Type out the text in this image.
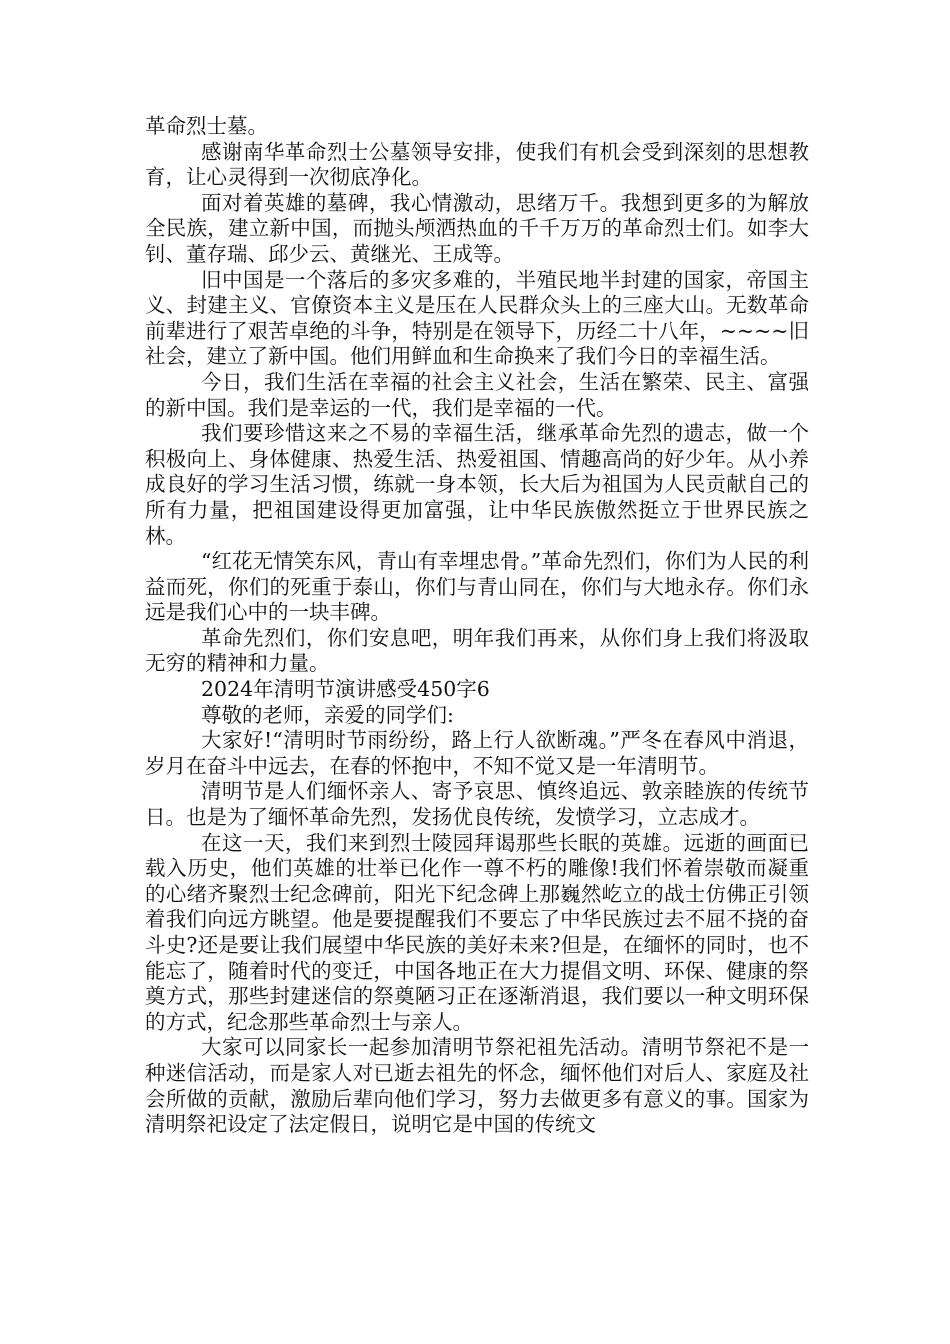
革命烈士墓。

感谢南华革命烈士公墓领导安排，使我们有机会受到深刻的思想教育，让心灵得到一次彻底净化。

面对着英雄的墓碑，我心情激动，思绪万千。我想到更多的为解放全民族，建立新中国，而抛头颅洒热血的千千万万的革命烈士们。如李大钊、董存瑞、邱少云、黄继光、王成等。

旧中国是一个落后的多灾多难的，半殖民地半封建的国家，帝国主义、封建主义、官僚资本主义是压在人民群众头上的三座大山。无数革命前辈进行了艰苦卓绝的斗争，特别是在领导下，历经二十八年，~~~~旧社会，建立了新中国。他们用鲜血和生命换来了我们今日的幸福生活。

今日，我们生活在幸福的社会主义社会，生活在繁荣、民主、富强的新中国。我们是幸运的一代，我们是幸福的一代。

我们要珍惜这来之不易的幸福生活，继承革命先烈的遗志，做一个积极向上、身体健康、热爱生活、热爱祖国、情趣高尚的好少年。从小养成良好的学习生活习惯，练就一身本领，长大后为祖国为人民贡献自己的所有力量，把祖国建设得更加富强，让中华民族傲然挺立于世界民族之林。

“红花无情笑东风，青山有幸埋忠骨。”革命先烈们，你们为人民的利益而死，你们的死重于泰山，你们与青山同在，你们与大地永存。你们永远是我们心中的一块丰碑。

革命先烈们，你们安息吧，明年我们再来，从你们身上我们将汲取无穷的精神和力量。

2024年清明节演讲感受450字6

尊敬的老师，亲爱的同学们:

大家好!“清明时节雨纷纷，路上行人欲断魂。”严冬在春风中消退，岁月在奋斗中远去，在春的怀抱中，不知不觉又是一年清明节。

清明节是人们缅怀亲人、寄予哀思、慎终追远、敦亲睦族的传统节日。也是为了缅怀革命先烈，发扬优良传统，发愤学习，立志成才。

在这一天，我们来到烈士陵园拜谒那些长眠的英雄。远逝的画面已载入历史，他们英雄的壮举已化作一尊不朽的雕像!我们怀着崇敬而凝重的心绪齐聚烈士纪念碑前，阳光下纪念碑上那巍然屹立的战士仿佛正引领着我们向远方眺望。他是要提醒我们不要忘了中华民族过去不屈不挠的奋斗史?还是要让我们展望中华民族的美好未来?但是，在缅怀的同时，也不能忘了，随着时代的变迁，中国各地正在大力提倡文明、环保、健康的祭奠方式，那些封建迷信的祭奠陋习正在逐渐消退，我们要以一种文明环保的方式，纪念那些革命烈士与亲人。

大家可以同家长一起参加清明节祭祀祖先活动。清明节祭祀不是一种迷信活动，而是家人对已逝去祖先的怀念，缅怀他们对后人、家庭及社会所做的贡献，激励后辈向他们学习，努力去做更多有意义的事。国家为清明祭祀设定了法定假日，说明它是中国的传统文
